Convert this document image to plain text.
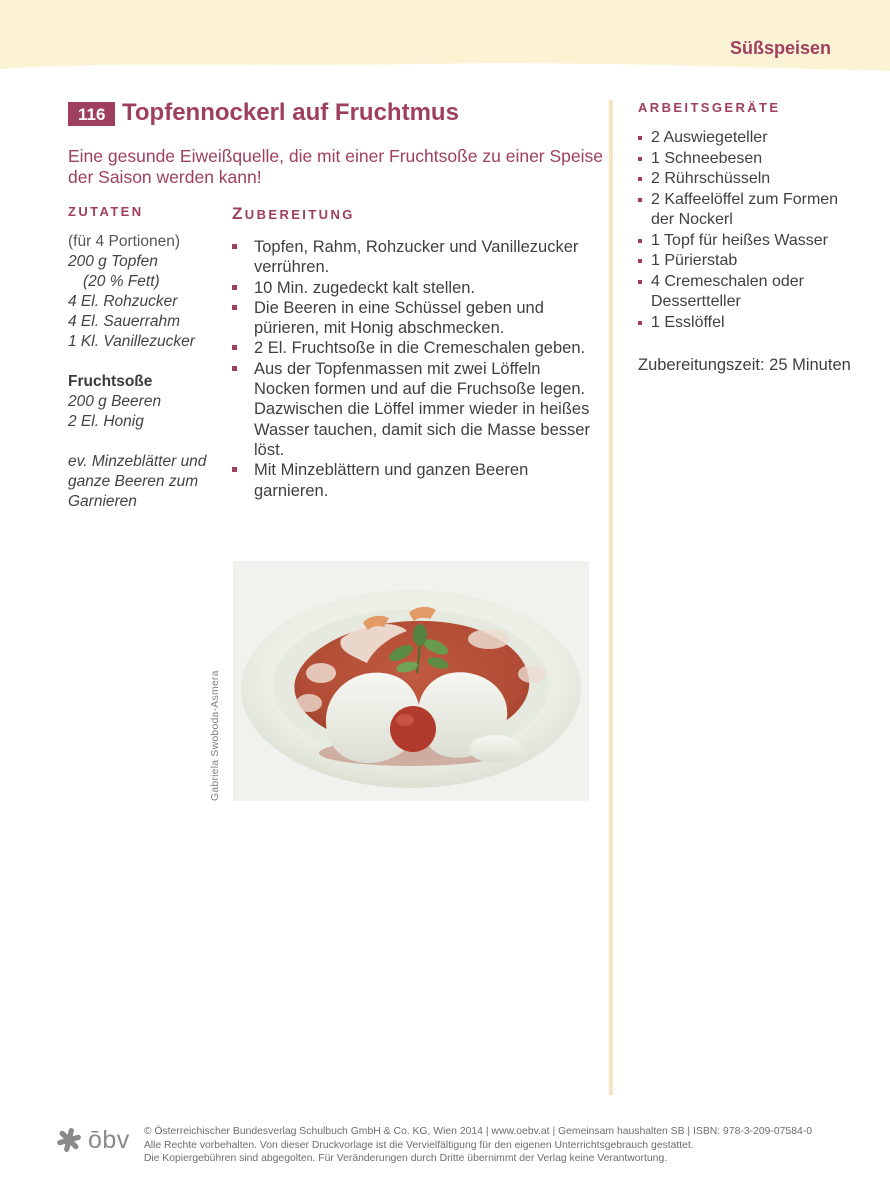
Süßspeisen
116 Topfennockerl auf Fruchtmus
Eine gesunde Eiweißquelle, die mit einer Fruchtsoße zu einer Speise der Saison werden kann!
ZUTATEN
(für 4 Portionen)
200 g Topfen
(20 % Fett)
4 El. Rohzucker
4 El. Sauerrahm
1 Kl. Vanillezucker
Fruchtsoße
200 g Beeren
2 El. Honig
ev. Minzeblätter und ganze Beeren zum Garnieren
ZUBEREITUNG
Topfen, Rahm, Rohzucker und Vanillezucker verrühren.
10 Min. zugedeckt kalt stellen.
Die Beeren in eine Schüssel geben und pürieren, mit Honig abschmecken.
2 El. Fruchtsoße in die Cremeschalen geben.
Aus der Topfenmassen mit zwei Löffeln Nocken formen und auf die Fruchsoße legen. Dazwischen die Löffel immer wieder in heißes Wasser tauchen, damit sich die Masse besser löst.
Mit Minzeblättern und ganzen Beeren garnieren.
ARBEITSGERÄTE
2 Auswiegeteller
1 Schneebesen
2 Rührschüsseln
2 Kaffeelöffel zum Formen der Nockerl
1 Topf für heißes Wasser
1 Pürierstab
4 Cremeschalen oder Dessertteller
1 Esslöffel
Zubereitungszeit: 25 Minuten
Gabriela Swoboda-Asmera
ōbv © Österreichischer Bundesverlag Schulbuch GmbH & Co. KG, Wien 2014 | www.oebv.at | Gemeinsam haushalten SB | ISBN: 978-3-209-07584-0
Alle Rechte vorbehalten. Von dieser Druckvorlage ist die Vervielfältigung für den eigenen Unterrichtsgebrauch gestattet.
Die Kopiergebühren sind abgegolten. Für Veränderungen durch Dritte übernimmt der Verlag keine Verantwortung.
